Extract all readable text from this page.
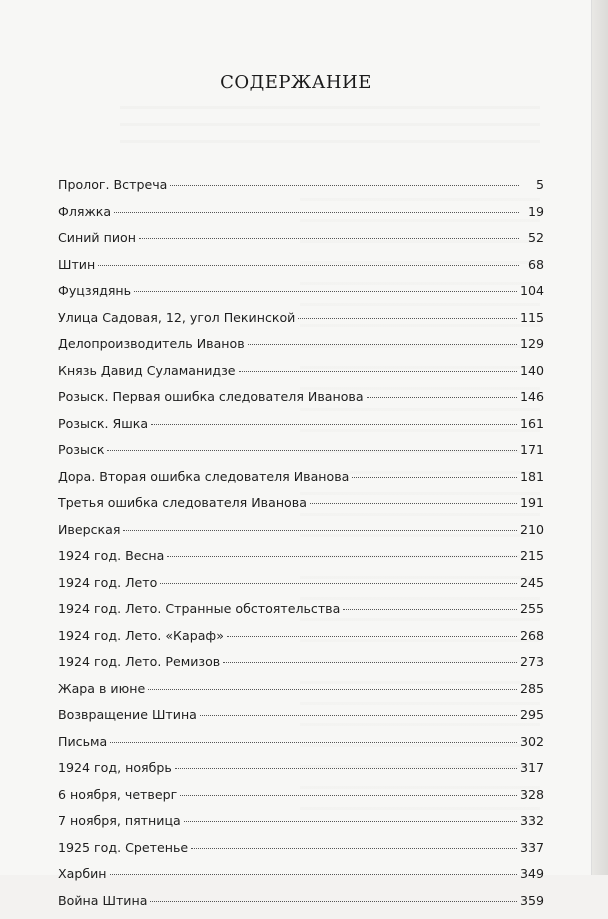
СОДЕРЖАНИЕ
Пролог. Встреча	5
Фляжка	19
Синий пион	52
Штин	68
Фуцзядянь	104
Улица Садовая, 12, угол Пекинской	115
Делопроизводитель Иванов	129
Князь Давид Суламанидзе	140
Розыск. Первая ошибка следователя Иванова	146
Розыск. Яшка	161
Розыск	171
Дора. Вторая ошибка следователя Иванова	181
Третья ошибка следователя Иванова	191
Иверская	210
1924 год. Весна	215
1924 год. Лето	245
1924 год. Лето. Странные обстоятельства	255
1924 год. Лето. «Караф»	268
1924 год. Лето. Ремизов	273
Жара в июне	285
Возвращение Штина	295
Письма	302
1924 год, ноябрь	317
6 ноября, четверг	328
7 ноября, пятница	332
1925 год. Сретенье	337
Харбин	349
Война Штина	359
